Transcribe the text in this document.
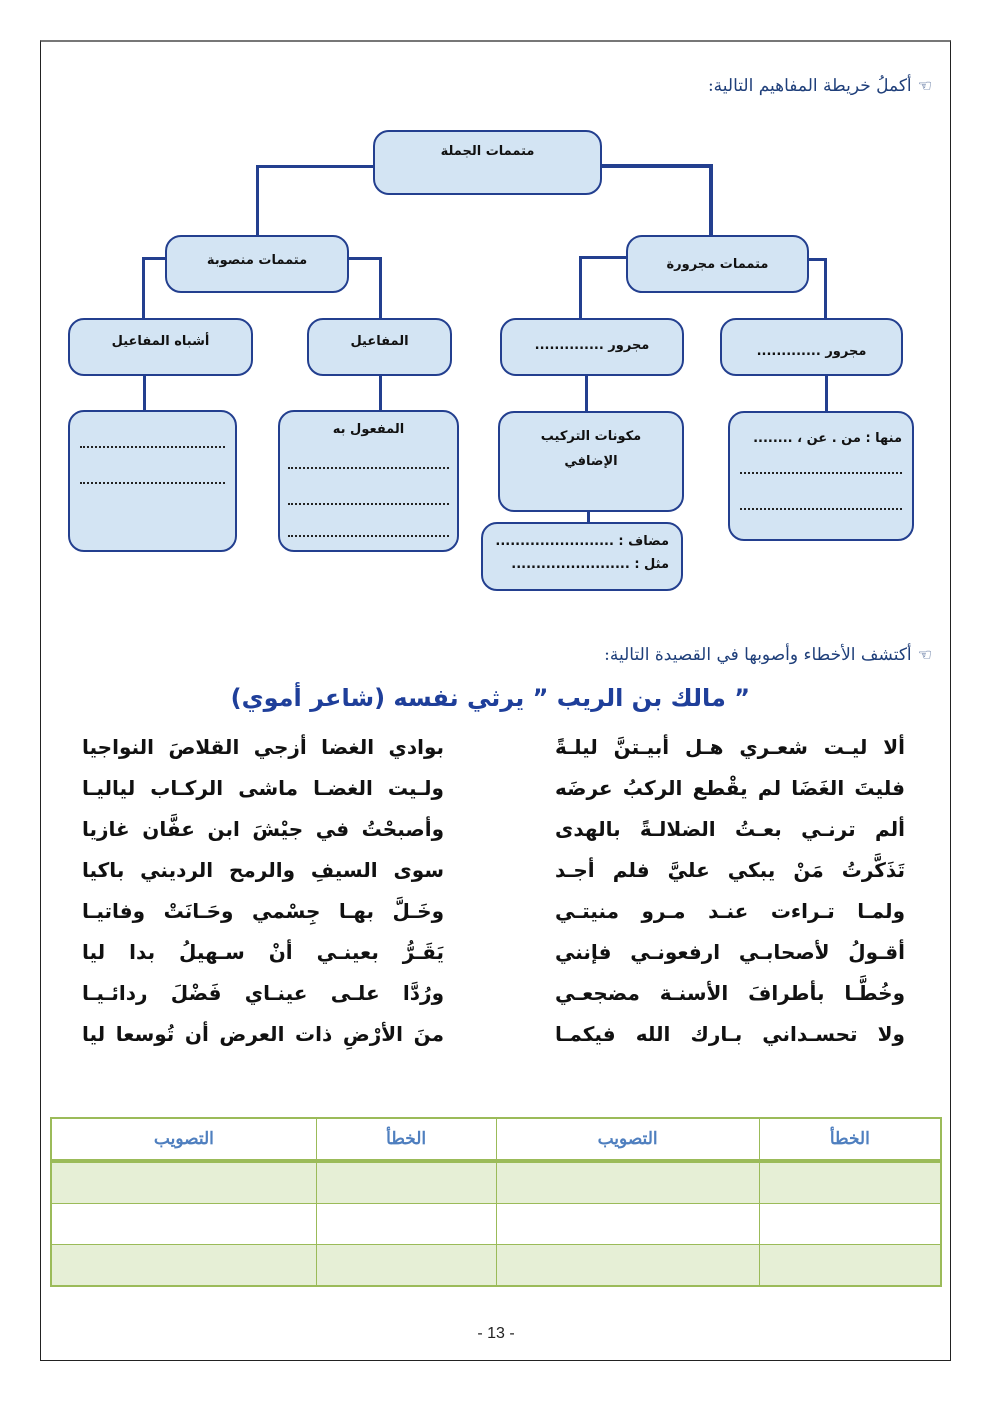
☜أكملُ خريطة المفاهيم التالية:
متممات الجملة
متممات منصوبة	متممات مجرورة
أشباه المفاعيل	المفاعيل	مجرور ..............	مجرور .............
المفعول به	مكونات التركيب
الإضافي
منها : من . عن ، ........
مضاف : ........................
مثل : ........................
☜أكتشف الأخطاء وأصوبها في القصيدة التالية:
” مالك بن الريب ” يرثي نفسه (شاعر أموي)
ألا ليـت شعـري هـل أبيـتنَّ ليلـةً
بوادي الغضا أزجي القلاصَ النواجيا
فليتَ الغَضَا لم يقْطع الركبُ عرضَه
ولـيت الغضـا ماشى الركـاب لياليـا
ألم ترنـي بعـتُ الضلالـةً بالهدى
وأصبحْتُ في جيْشَ ابن عفَّان غازيا
تَذَكَّرتُ مَنْ يبكي عليَّ فلم أجـد
سوى السيفِ والرمح الرديني باكيا
ولمـا تـراءت عنـد مـرو منيتـي
وخَـلَّ بهـا جِسْمي وحَـانَتْ وفاتيـا
أقـولُ لأصحابـي ارفعونـي فإنني
يَقَـرُّ بعينـي أنْ سـهيلُ بدا ليا
وخُطَّـا بأطرافَ الأسنـة مضجعـي
ورُدَّا علـى عينـاي فَضْلَ ردائـيـا
ولا تحسـداني بـارك الله فيكمـا
منَ الأرْضِ ذات العرض أن تُوسعا ليا
الخطأ	التصويب	الخطأ	التصويب

- 13 -
